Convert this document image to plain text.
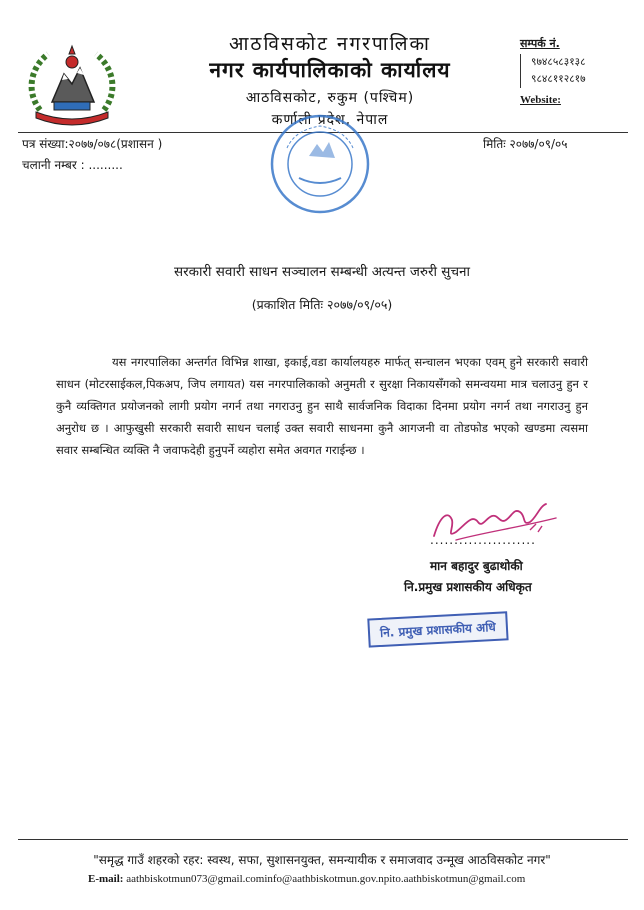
आठविसकोट नगरपालिका
नगर कार्यपालिकाको कार्यालय
आठविसकोट, रुकुम (पश्चिम)
कर्णाली प्रदेश, नेपाल
सम्पर्क नं.
९७४८५८३१३८
९८४८११२८१७
Website:
पत्र संख्या:२०७७/०७८(प्रशासन )
चलानी नम्बर : .........
मितिः २०७७/०९/०५
सरकारी सवारी साधन सञ्चालन सम्बन्धी अत्यन्त जरुरी सुचना
(प्रकाशित मितिः २०७७/०९/०५)
यस नगरपालिका अन्तर्गत विभिन्न शाखा, इकाई,वडा कार्यालयहरु मार्फत् सन्चालन भएका एवम् हुने सरकारी सवारी साधन (मोटरसाईकल,पिकअप, जिप लगायत) यस नगरपालिकाको अनुमती र सुरक्षा निकायसँगको समन्वयमा मात्र चलाउनु हुन र कुनै व्यक्तिगत प्रयोजनको लागी प्रयोग नगर्न तथा नगराउनु हुन साथै सार्वजनिक विदाका दिनमा प्रयोग नगर्न तथा नगराउनु हुन अनुरोध छ । आफुखुसी सरकारी सवारी साधन चलाई उक्त सवारी साधनमा कुनै आगजनी वा तोडफोड भएको खण्डमा त्यसमा सवार सम्बन्धित व्यक्ति नै जवाफदेही हुनुपर्ने व्यहोरा समेत अवगत गराईन्छ ।
......................
मान बहादुर बुढाथोकी
नि.प्रमुख प्रशासकीय अधिकृत
नि. प्रमुख प्रशासकीय अधि
"समृद्ध गाउँ शहरको रहर: स्वस्थ, सफा, सुशासनयुक्त, समन्यायीक र समाजवाद उन्मूख आठविसकोट नगर"
E-mail: aathbiskotmun073@gmail.cominfo@aathbiskotmun.gov.npito.aathbiskotmun@gmail.com
